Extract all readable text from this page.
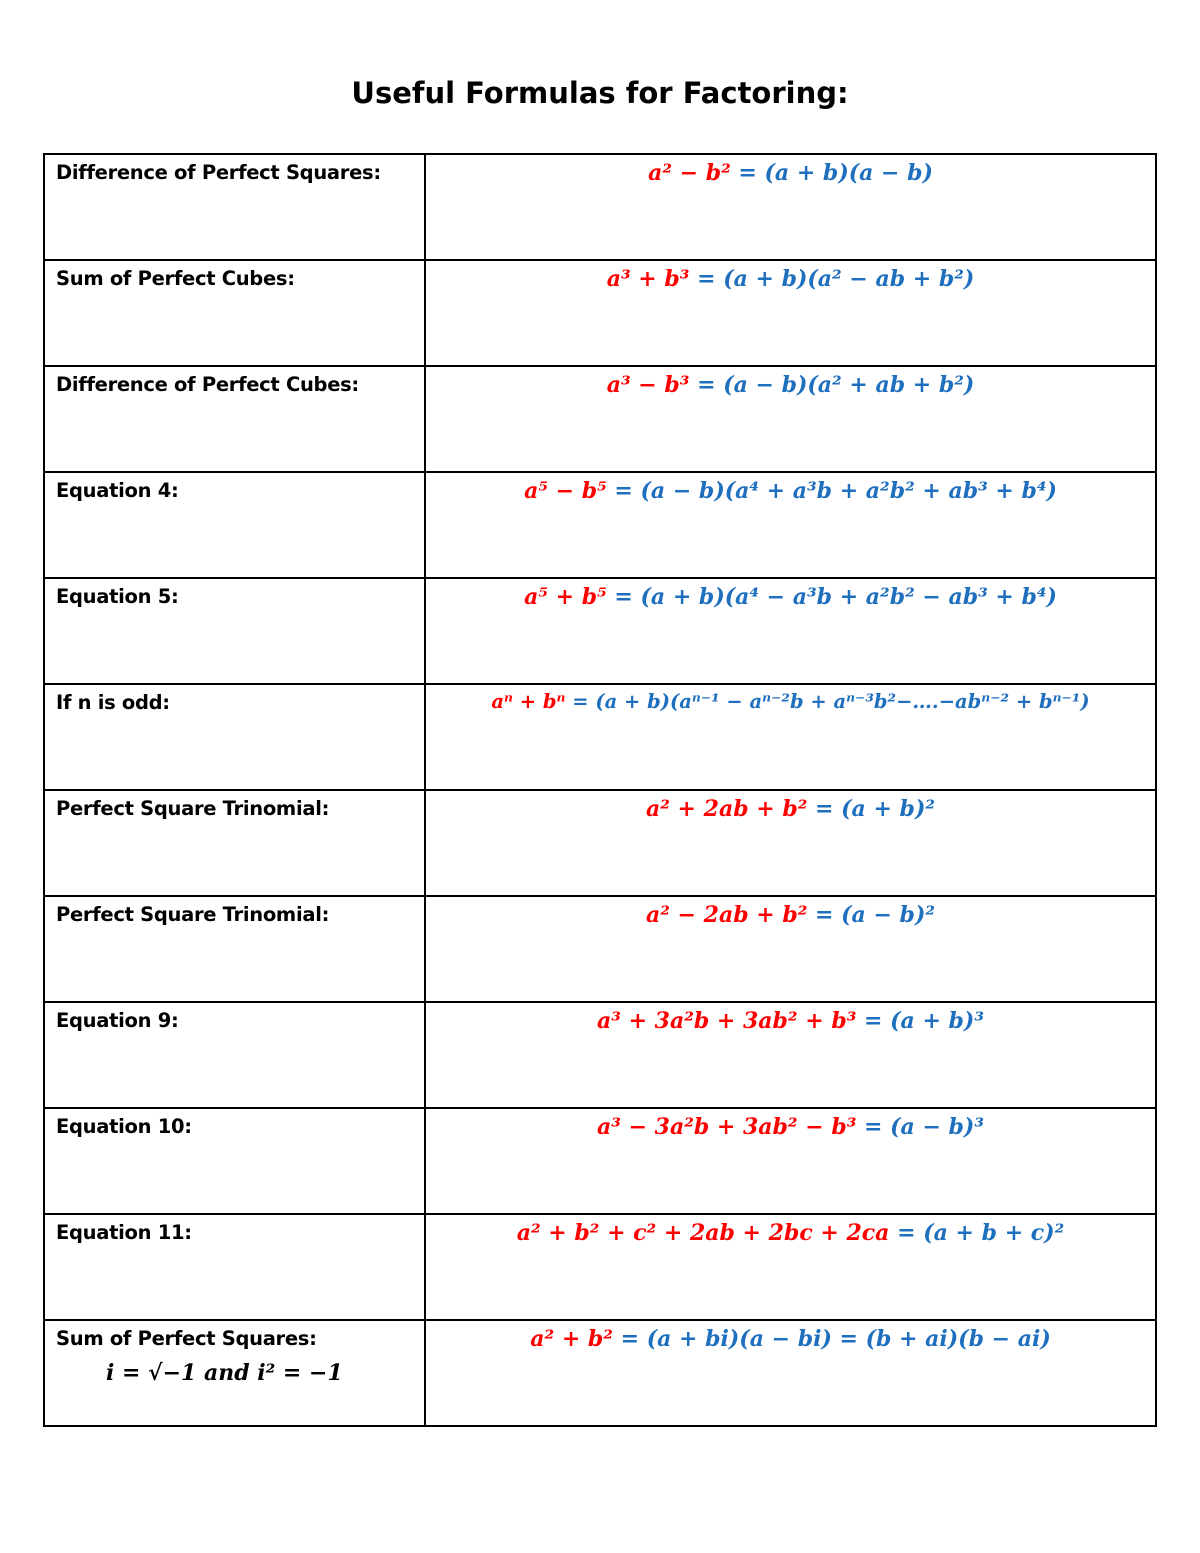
Useful Formulas for Factoring:
Difference of Perfect Squares:	a² − b² = (a + b)(a − b)

Sum of Perfect Cubes:	a³ + b³ = (a + b)(a² − ab + b²)

Difference of Perfect Cubes:	a³ − b³ = (a − b)(a² + ab + b²)

Equation 4:	a⁵ − b⁵ = (a − b)(a⁴ + a³b + a²b² + ab³ + b⁴)

Equation 5:	a⁵ + b⁵ = (a + b)(a⁴ − a³b + a²b² − ab³ + b⁴)

If n is odd:	aⁿ + bⁿ = (a + b)(aⁿ⁻¹ − aⁿ⁻²b + aⁿ⁻³b²−….−abⁿ⁻² + bⁿ⁻¹)

Perfect Square Trinomial:	a² + 2ab + b² = (a + b)²

Perfect Square Trinomial:	a² − 2ab + b² = (a − b)²

Equation 9:	a³ + 3a²b + 3ab² + b³ = (a + b)³

Equation 10:	a³ − 3a²b + 3ab² − b³ = (a − b)³

Equation 11:	a² + b² + c² + 2ab + 2bc + 2ca = (a + b + c)²

Sum of Perfect Squares:
i = √−1 and i² = −1	a² + b² = (a + bi)(a − bi) = (b + ai)(b − ai)
